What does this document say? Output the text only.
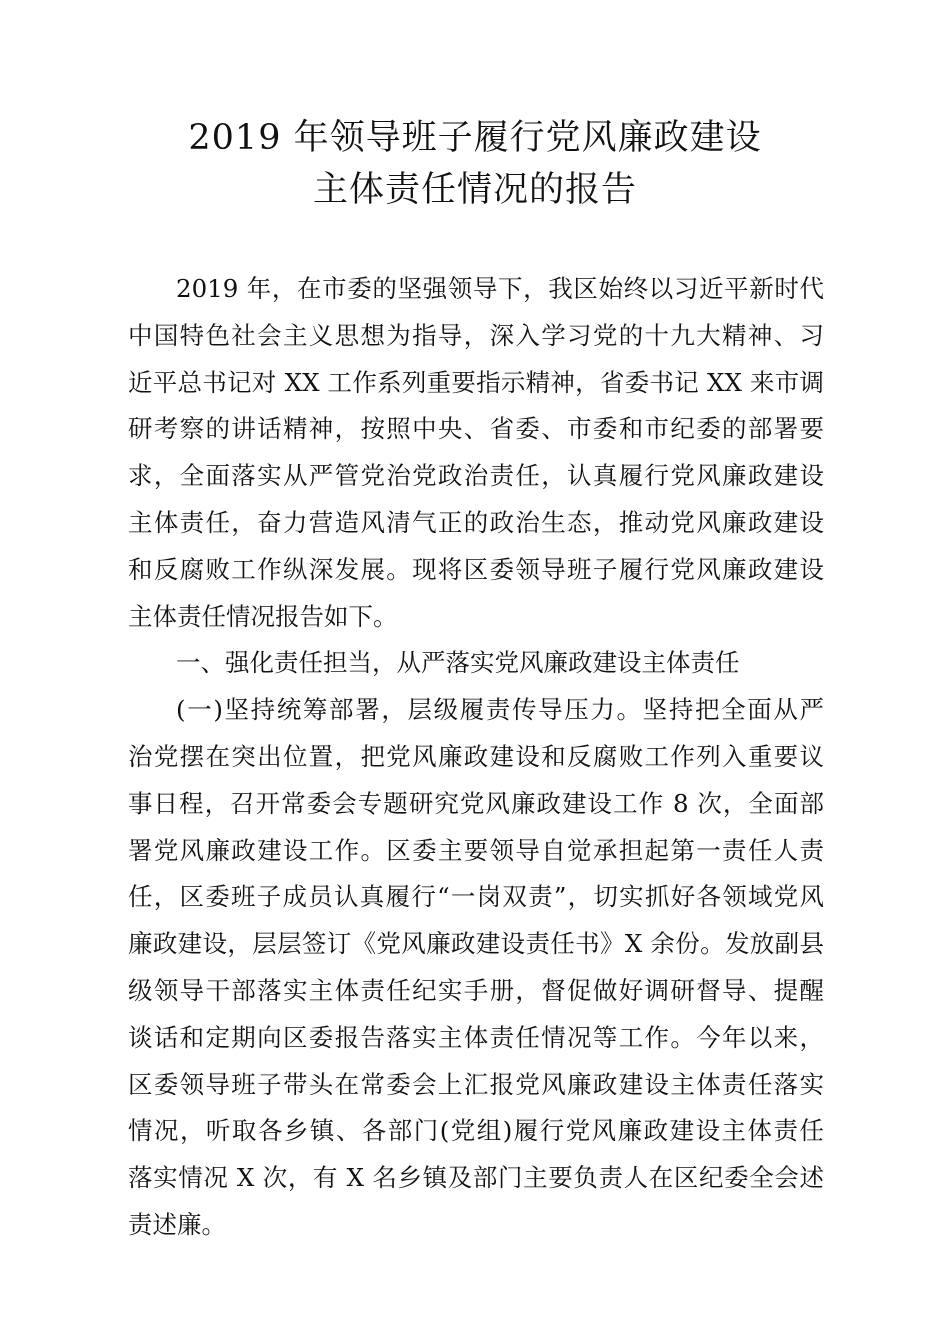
2019 年领导班子履行党风廉政建设
主体责任情况的报告
2019 年，在市委的坚强领导下，我区始终以习近平新时代
中国特色社会主义思想为指导，深入学习党的十九大精神、习
近平总书记对 XX 工作系列重要指示精神，省委书记 XX 来市调
研考察的讲话精神，按照中央、省委、市委和市纪委的部署要
求，全面落实从严管党治党政治责任，认真履行党风廉政建设
主体责任，奋力营造风清气正的政治生态，推动党风廉政建设
和反腐败工作纵深发展。现将区委领导班子履行党风廉政建设
主体责任情况报告如下。
一、强化责任担当，从严落实党风廉政建设主体责任
(一)坚持统筹部署，层级履责传导压力。坚持把全面从严
治党摆在突出位置，把党风廉政建设和反腐败工作列入重要议
事日程，召开常委会专题研究党风廉政建设工作 8 次，全面部
署党风廉政建设工作。区委主要领导自觉承担起第一责任人责
任，区委班子成员认真履行“一岗双责”，切实抓好各领域党风
廉政建设，层层签订《党风廉政建设责任书》X 余份。发放副县
级领导干部落实主体责任纪实手册，督促做好调研督导、提醒
谈话和定期向区委报告落实主体责任情况等工作。今年以来，
区委领导班子带头在常委会上汇报党风廉政建设主体责任落实
情况，听取各乡镇、各部门(党组)履行党风廉政建设主体责任
落实情况 X 次，有 X 名乡镇及部门主要负责人在区纪委全会述
责述廉。
